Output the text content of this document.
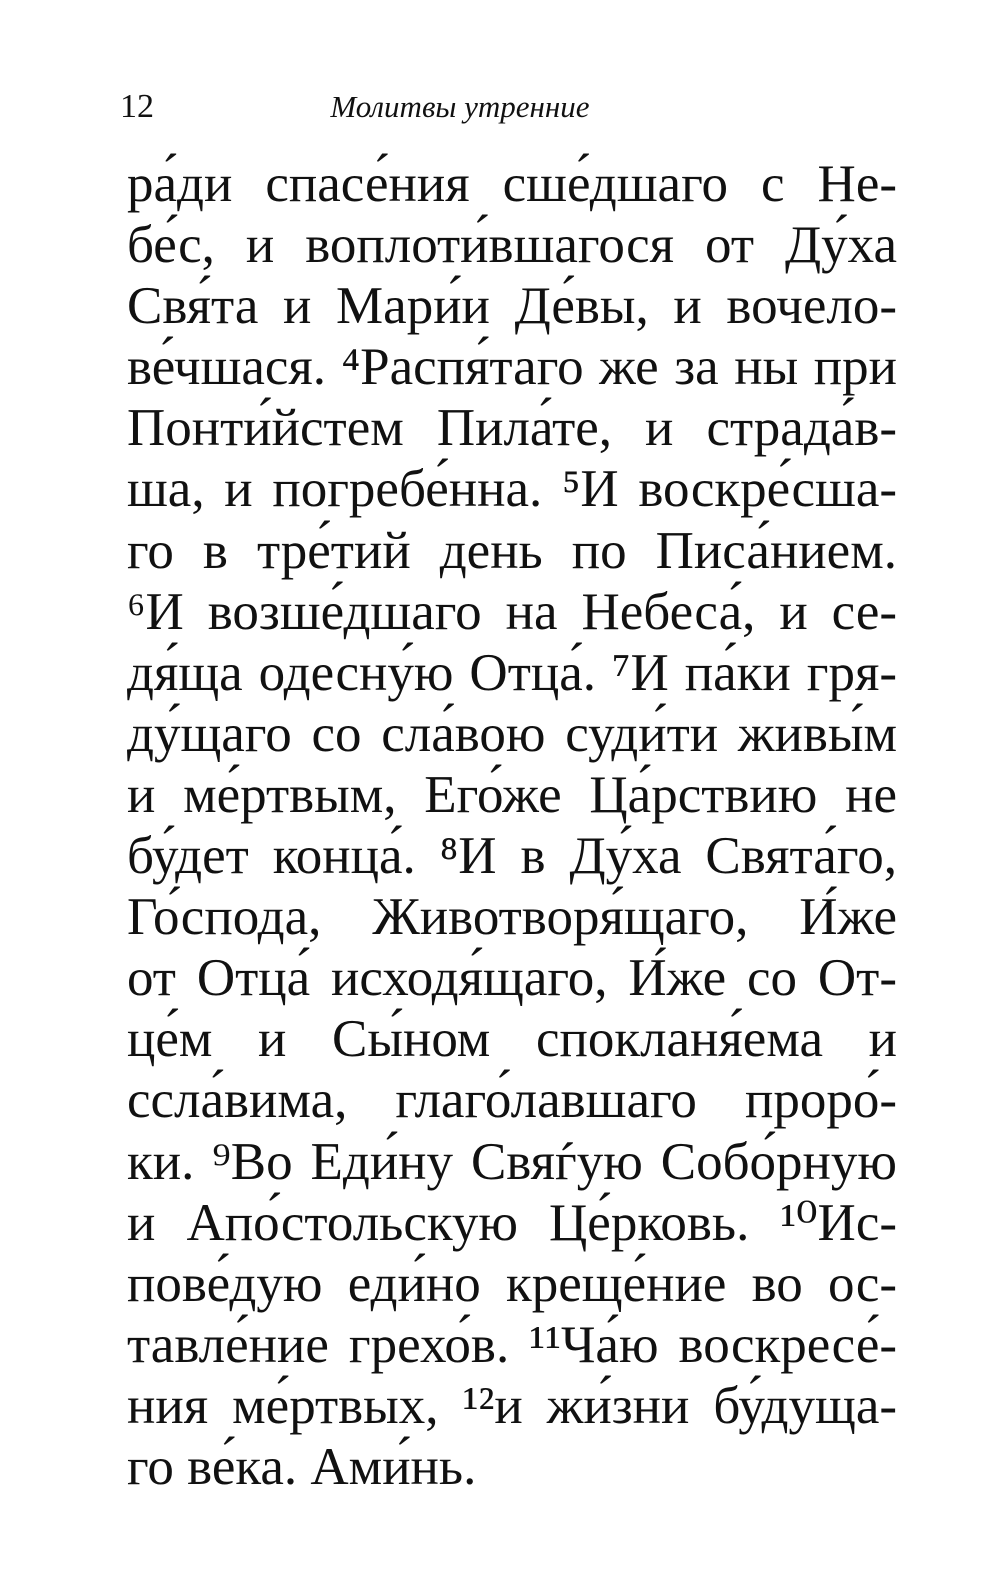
12	Молитвы утренние
ра́ди спасе́ния сше́дшаго с Не-
бе́с, и воплоти́вшагося от Ду́ха
Свя́та и Мари́и Де́вы, и вочело-
ве́чшася. ⁴Распя́таго же за ны при
Понти́йстем Пила́те, и страда́в-
ша, и погребе́нна. ⁵И воскре́сша-
го в тре́тий день по Писа́нием.
⁶И возше́дшаго на Небеса́, и се-
дя́ща одесну́ю Отца́. ⁷И па́ки гря-
ду́щаго со сла́вою суди́ти живы́м
и ме́ртвым, Его́же Ца́рствию не
бу́дет конца́. ⁸И в Ду́ха Свята́го,
Го́спода, Животворя́щаго, И́же
от Отца́ исходя́щаго, И́же со От-
це́м и Сы́ном спокланя́ема и
ссла́вима, глаго́лавшаго проро́-
ки. ⁹Во Еди́ну Свяѓую Собо́рную
и Апо́стольскую Це́рковь. ¹⁰Ис-
пове́дую еди́но креще́ние во ос-
тавле́ние грехо́в. ¹¹Ча́ю воскресе́-
ния ме́ртвых, ¹²и жи́зни бу́дуща-
го ве́ка. Ами́нь.
